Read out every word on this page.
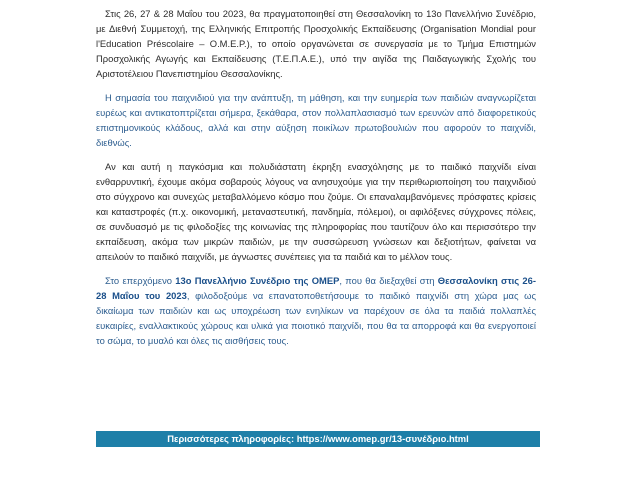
Στις 26, 27 & 28 Μαΐου του 2023, θα πραγματοποιηθεί στη Θεσσαλονίκη το 13ο Πανελλήνιο Συνέδριο, με Διεθνή Συμμετοχή, της Ελληνικής Επιτροπής Προσχολικής Εκπαίδευσης (Organisation Mondial pour l'Education Préscolaire – O.M.E.P.), το οποίο οργανώνεται σε συνεργασία με το Τμήμα Επιστημών Προσχολικής Αγωγής και Εκπαίδευσης (Τ.Ε.Π.Α.Ε.), υπό την αιγίδα της Παιδαγωγικής Σχολής του Αριστοτέλειου Πανεπιστημίου Θεσσαλονίκης.

Η σημασία του παιχνιδιού για την ανάπτυξη, τη μάθηση, και την ευημερία των παιδιών αναγνωρίζεται ευρέως και αντικατοπτρίζεται σήμερα, ξεκάθαρα, στον πολλαπλασιασμό των ερευνών από διαφορετικούς επιστημονικούς κλάδους, αλλά και στην αύξηση ποικίλων πρωτοβουλιών που αφορούν το παιχνίδι, διεθνώς.

Αν και αυτή η παγκόσμια και πολυδιάστατη έκρηξη ενασχόλησης με το παιδικό παιχνίδι είναι ενθαρρυντική, έχουμε ακόμα σοβαρούς λόγους να ανησυχούμε για την περιθωριοποίηση του παιχνιδιού στο σύγχρονο και συνεχώς μεταβαλλόμενο κόσμο που ζούμε. Οι επαναλαμβανόμενες πρόσφατες κρίσεις και καταστροφές (π.χ. οικονομική, μεταναστευτική, πανδημία, πόλεμοι), οι αφιλόξενες σύγχρονες πόλεις, σε συνδυασμό με τις φιλοδοξίες της κοινωνίας της πληροφορίας που ταυτίζουν όλο και περισσότερο την εκπαίδευση, ακόμα των μικρών παιδιών, με την συσσώρευση γνώσεων και δεξιοτήτων, φαίνεται να απειλούν το παιδικό παιχνίδι, με άγνωστες συνέπειες για τα παιδιά και το μέλλον τους.

Στο επερχόμενο 13ο Πανελλήνιο Συνέδριο της ΟΜΕΡ, που θα διεξαχθεί στη Θεσσαλονίκη στις 26-28 Μαΐου του 2023, φιλοδοξούμε να επανατοποθετήσουμε το παιδικό παιχνίδι στη χώρα μας ως δικαίωμα των παιδιών και ως υποχρέωση των ενηλίκων να παρέχουν σε όλα τα παιδιά πολλαπλές ευκαιρίες, εναλλακτικούς χώρους και υλικά για ποιοτικό παιχνίδι, που θα τα απορροφά και θα ενεργοποιεί το σώμα, το μυαλό και όλες τις αισθήσεις τους.

Περισσότερες πληροφορίες: https://www.omep.gr/13-συνέδριο.html
